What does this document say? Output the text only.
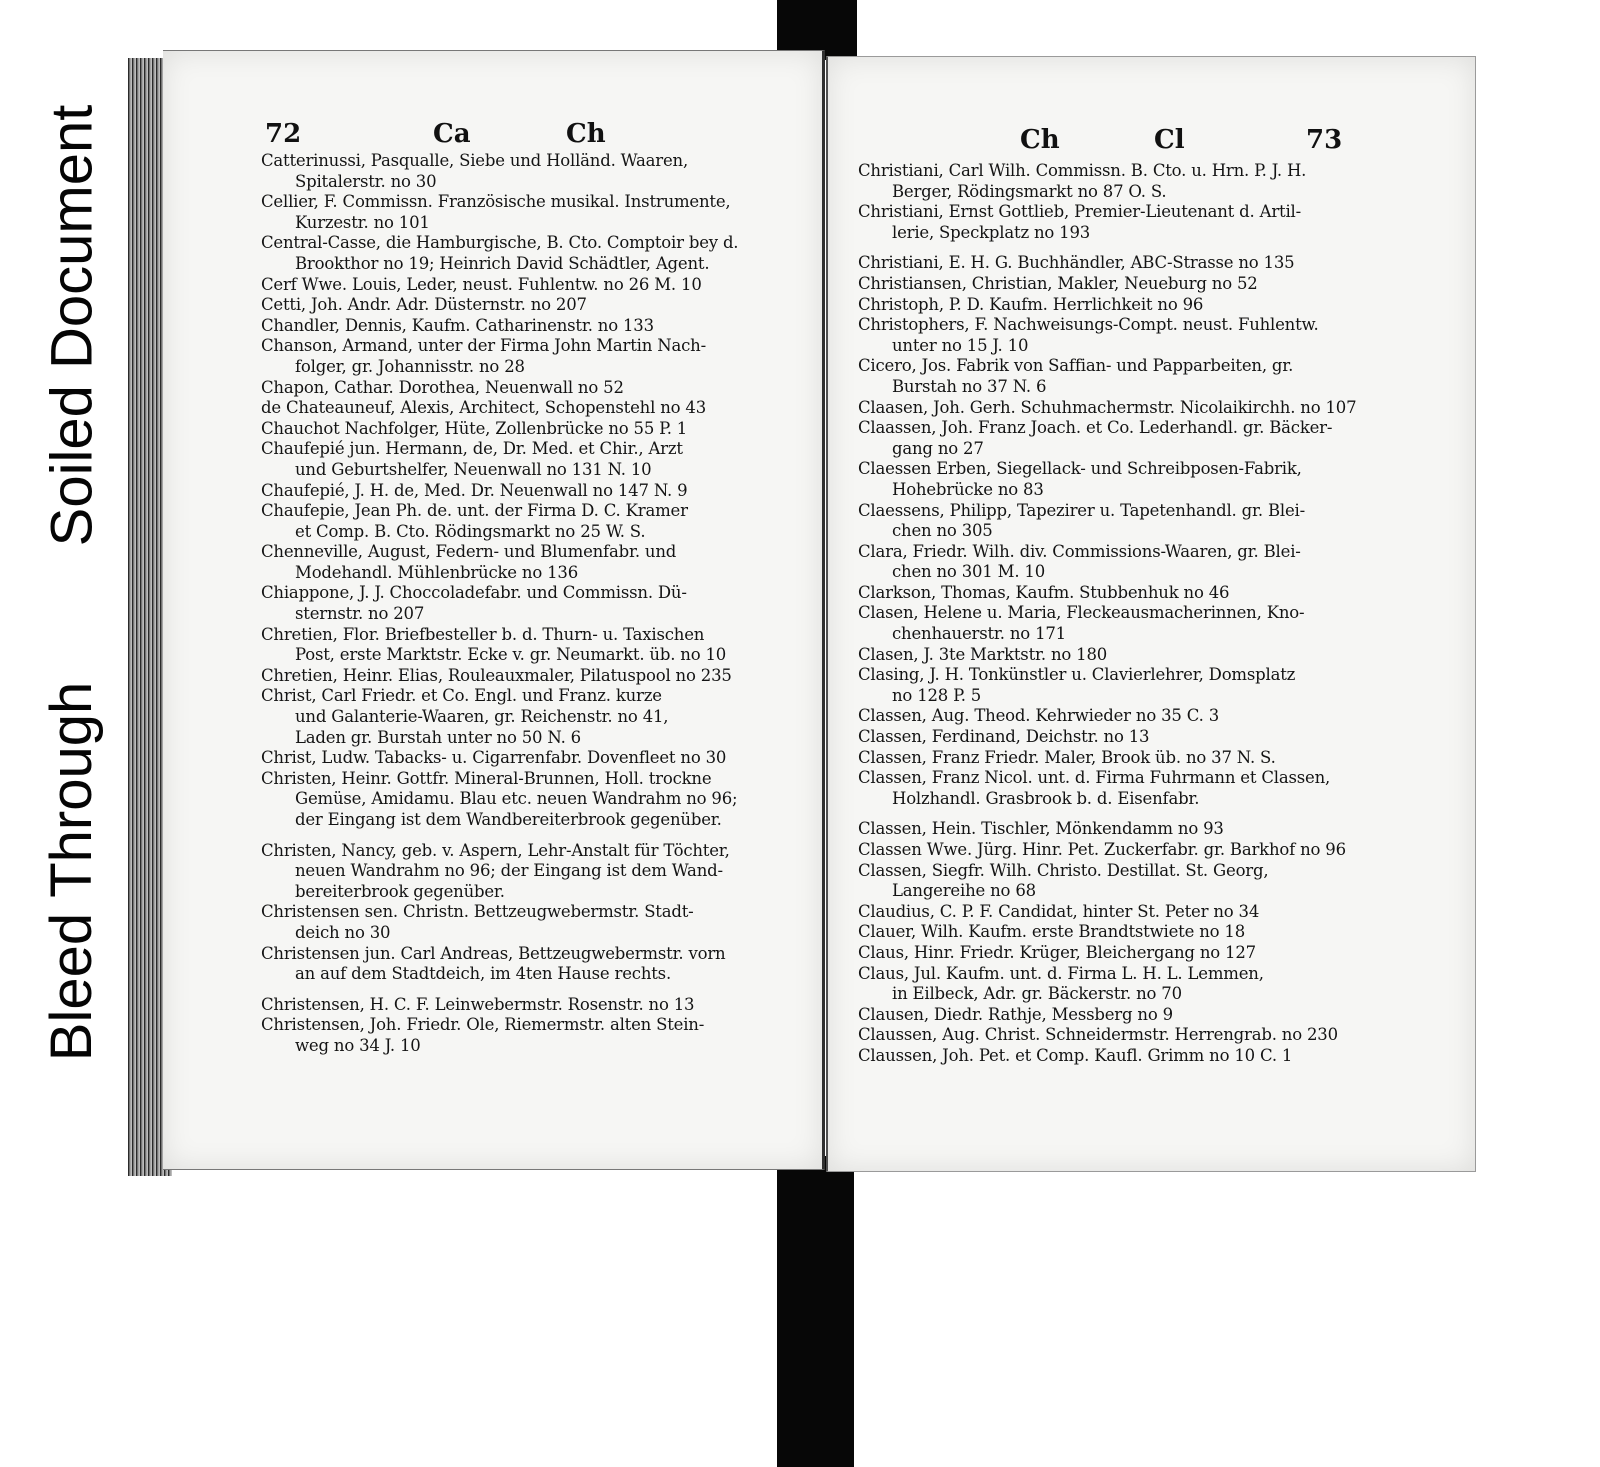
Bleed Through
Soiled Document	72	Ca	Ch
Catterinussi, Pasqualle, Siebe und Holländ. Waaren,
Spitalerstr. no 30
Cellier, F. Commissn. Französische musikal. Instrumente,
Kurzestr. no 101
Central-Casse, die Hamburgische, B. Cto. Comptoir bey d.
Brookthor no 19; Heinrich David Schädtler, Agent.
Cerf Wwe. Louis, Leder, neust. Fuhlentw. no 26 M. 10
Cetti, Joh. Andr. Adr. Düsternstr. no 207
Chandler, Dennis, Kaufm. Catharinenstr. no 133
Chanson, Armand, unter der Firma John Martin Nach-
folger, gr. Johannisstr. no 28
Chapon, Cathar. Dorothea, Neuenwall no 52
de Chateauneuf, Alexis, Architect, Schopenstehl no 43
Chauchot Nachfolger, Hüte, Zollenbrücke no 55 P. 1
Chaufepié jun. Hermann, de, Dr. Med. et Chir., Arzt
und Geburtshelfer, Neuenwall no 131 N. 10
Chaufepié, J. H. de, Med. Dr. Neuenwall no 147 N. 9
Chaufepie, Jean Ph. de. unt. der Firma D. C. Kramer
et Comp. B. Cto. Rödingsmarkt no 25 W. S.
Chenneville, August, Federn- und Blumenfabr. und
Modehandl. Mühlenbrücke no 136
Chiappone, J. J. Choccoladefabr. und Commissn. Dü-
sternstr. no 207
Chretien, Flor. Briefbesteller b. d. Thurn- u. Taxischen
Post, erste Marktstr. Ecke v. gr. Neumarkt. üb. no 10
Chretien, Heinr. Elias, Rouleauxmaler, Pilatuspool no 235
Christ, Carl Friedr. et Co. Engl. und Franz. kurze
und Galanterie-Waaren, gr. Reichenstr. no 41,
Laden gr. Burstah unter no 50 N. 6
Christ, Ludw. Tabacks- u. Cigarrenfabr. Dovenfleet no 30
Christen, Heinr. Gottfr. Mineral-Brunnen, Holl. trockne
Gemüse, Amidamu. Blau etc. neuen Wandrahm no 96;
der Eingang ist dem Wandbereiterbrook gegenüber.
Christen, Nancy, geb. v. Aspern, Lehr-Anstalt für Töchter,
neuen Wandrahm no 96; der Eingang ist dem Wand-
bereiterbrook gegenüber.
Christensen sen. Christn. Bettzeugwebermstr. Stadt-
deich no 30
Christensen jun. Carl Andreas, Bettzeugwebermstr. vorn
an auf dem Stadtdeich, im 4ten Hause rechts.
Christensen, H. C. F. Leinwebermstr. Rosenstr. no 13
Christensen, Joh. Friedr. Ole, Riemermstr. alten Stein-
weg no 34 J. 10
Ch	Cl	73
Christiani, Carl Wilh. Commissn. B. Cto. u. Hrn. P. J. H.
Berger, Rödingsmarkt no 87 O. S.
Christiani, Ernst Gottlieb, Premier-Lieutenant d. Artil-
lerie, Speckplatz no 193
Christiani, E. H. G. Buchhändler, ABC-Strasse no 135
Christiansen, Christian, Makler, Neueburg no 52
Christoph, P. D. Kaufm. Herrlichkeit no 96
Christophers, F. Nachweisungs-Compt. neust. Fuhlentw.
unter no 15 J. 10
Cicero, Jos. Fabrik von Saffian- und Papparbeiten, gr.
Burstah no 37 N. 6
Claasen, Joh. Gerh. Schuhmachermstr. Nicolaikirchh. no 107
Claassen, Joh. Franz Joach. et Co. Lederhandl. gr. Bäcker-
gang no 27
Claessen Erben, Siegellack- und Schreibposen-Fabrik,
Hohebrücke no 83
Claessens, Philipp, Tapezirer u. Tapetenhandl. gr. Blei-
chen no 305
Clara, Friedr. Wilh. div. Commissions-Waaren, gr. Blei-
chen no 301 M. 10
Clarkson, Thomas, Kaufm. Stubbenhuk no 46
Clasen, Helene u. Maria, Fleckeausmacherinnen, Kno-
chenhauerstr. no 171
Clasen, J. 3te Marktstr. no 180
Clasing, J. H. Tonkünstler u. Clavierlehrer, Domsplatz
no 128 P. 5
Classen, Aug. Theod. Kehrwieder no 35 C. 3
Classen, Ferdinand, Deichstr. no 13
Classen, Franz Friedr. Maler, Brook üb. no 37 N. S.
Classen, Franz Nicol. unt. d. Firma Fuhrmann et Classen,
Holzhandl. Grasbrook b. d. Eisenfabr.
Classen, Hein. Tischler, Mönkendamm no 93
Classen Wwe. Jürg. Hinr. Pet. Zuckerfabr. gr. Barkhof no 96
Classen, Siegfr. Wilh. Christo. Destillat. St. Georg,
Langereihe no 68
Claudius, C. P. F. Candidat, hinter St. Peter no 34
Clauer, Wilh. Kaufm. erste Brandtstwiete no 18
Claus, Hinr. Friedr. Krüger, Bleichergang no 127
Claus, Jul. Kaufm. unt. d. Firma L. H. L. Lemmen,
in Eilbeck, Adr. gr. Bäckerstr. no 70
Clausen, Diedr. Rathje, Messberg no 9
Claussen, Aug. Christ. Schneidermstr. Herrengrab. no 230
Claussen, Joh. Pet. et Comp. Kaufl. Grimm no 10 C. 1
